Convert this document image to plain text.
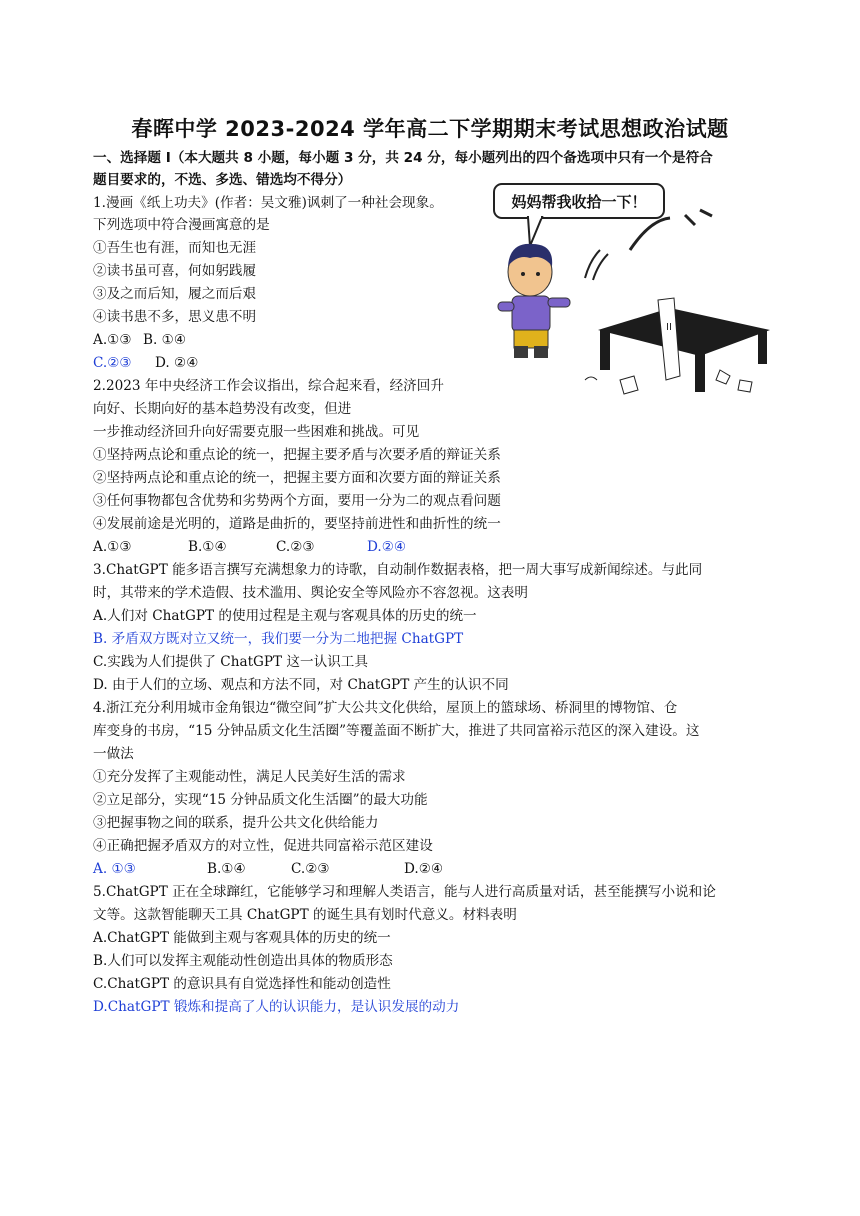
春晖中学 2023-2024 学年高二下学期期末考试思想政治试题
一、选择题 I（本大题共 8 小题，每小题 3 分，共 24 分，每小题列出的四个备选项中只有一个是符合
题目要求的，不选、多选、错选均不得分）
妈妈帮我收拾一下！
ⅠⅠ
1.漫画《纸上功夫》(作者：吴文雅)讽刺了一种社会现象。
下列选项中符合漫画寓意的是
①吾生也有涯，而知也无涯
②读书虽可喜，何如躬践履
③及之而后知，履之而后艰
④读书患不多，思义患不明
A.①③ B. ①④
C.②③ D. ②④
2.2023 年中央经济工作会议指出，综合起来看，经济回升
向好、长期向好的基本趋势没有改变，但进
一步推动经济回升向好需要克服一些困难和挑战。可见
①坚持两点论和重点论的统一，把握主要矛盾与次要矛盾的辩证关系
②坚持两点论和重点论的统一，把握主要方面和次要方面的辩证关系
③任何事物都包含优势和劣势两个方面，要用一分为二的观点看问题
④发展前途是光明的，道路是曲折的，要坚持前进性和曲折性的统一
A.①③	B.①④	C.②③	D.②④
3.ChatGPT 能多语言撰写充满想象力的诗歌，自动制作数据表格，把一周大事写成新闻综述。与此同
时，其带来的学术造假、技术滥用、舆论安全等风险亦不容忽视。这表明
A.人们对 ChatGPT 的使用过程是主观与客观具体的历史的统一
B. 矛盾双方既对立又统一，我们要一分为二地把握 ChatGPT
C.实践为人们提供了 ChatGPT 这一认识工具
D. 由于人们的立场、观点和方法不同，对 ChatGPT 产生的认识不同
4.浙江充分利用城市金角银边“微空间”扩大公共文化供给，屋顶上的篮球场、桥洞里的博物馆、仓
库变身的书房，“15 分钟品质文化生活圈”等覆盖面不断扩大，推进了共同富裕示范区的深入建设。这
一做法
①充分发挥了主观能动性，满足人民美好生活的需求
②立足部分，实现“15 分钟品质文化生活圈”的最大功能
③把握事物之间的联系，提升公共文化供给能力
④正确把握矛盾双方的对立性，促进共同富裕示范区建设
A. ①③	B.①④	C.②③	D.②④
5.ChatGPT 正在全球蹿红，它能够学习和理解人类语言，能与人进行高质量对话，甚至能撰写小说和论
文等。这款智能聊天工具 ChatGPT 的诞生具有划时代意义。材料表明
A.ChatGPT 能做到主观与客观具体的历史的统一
B.人们可以发挥主观能动性创造出具体的物质形态
C.ChatGPT 的意识具有自觉选择性和能动创造性
D.ChatGPT 锻炼和提高了人的认识能力，是认识发展的动力
